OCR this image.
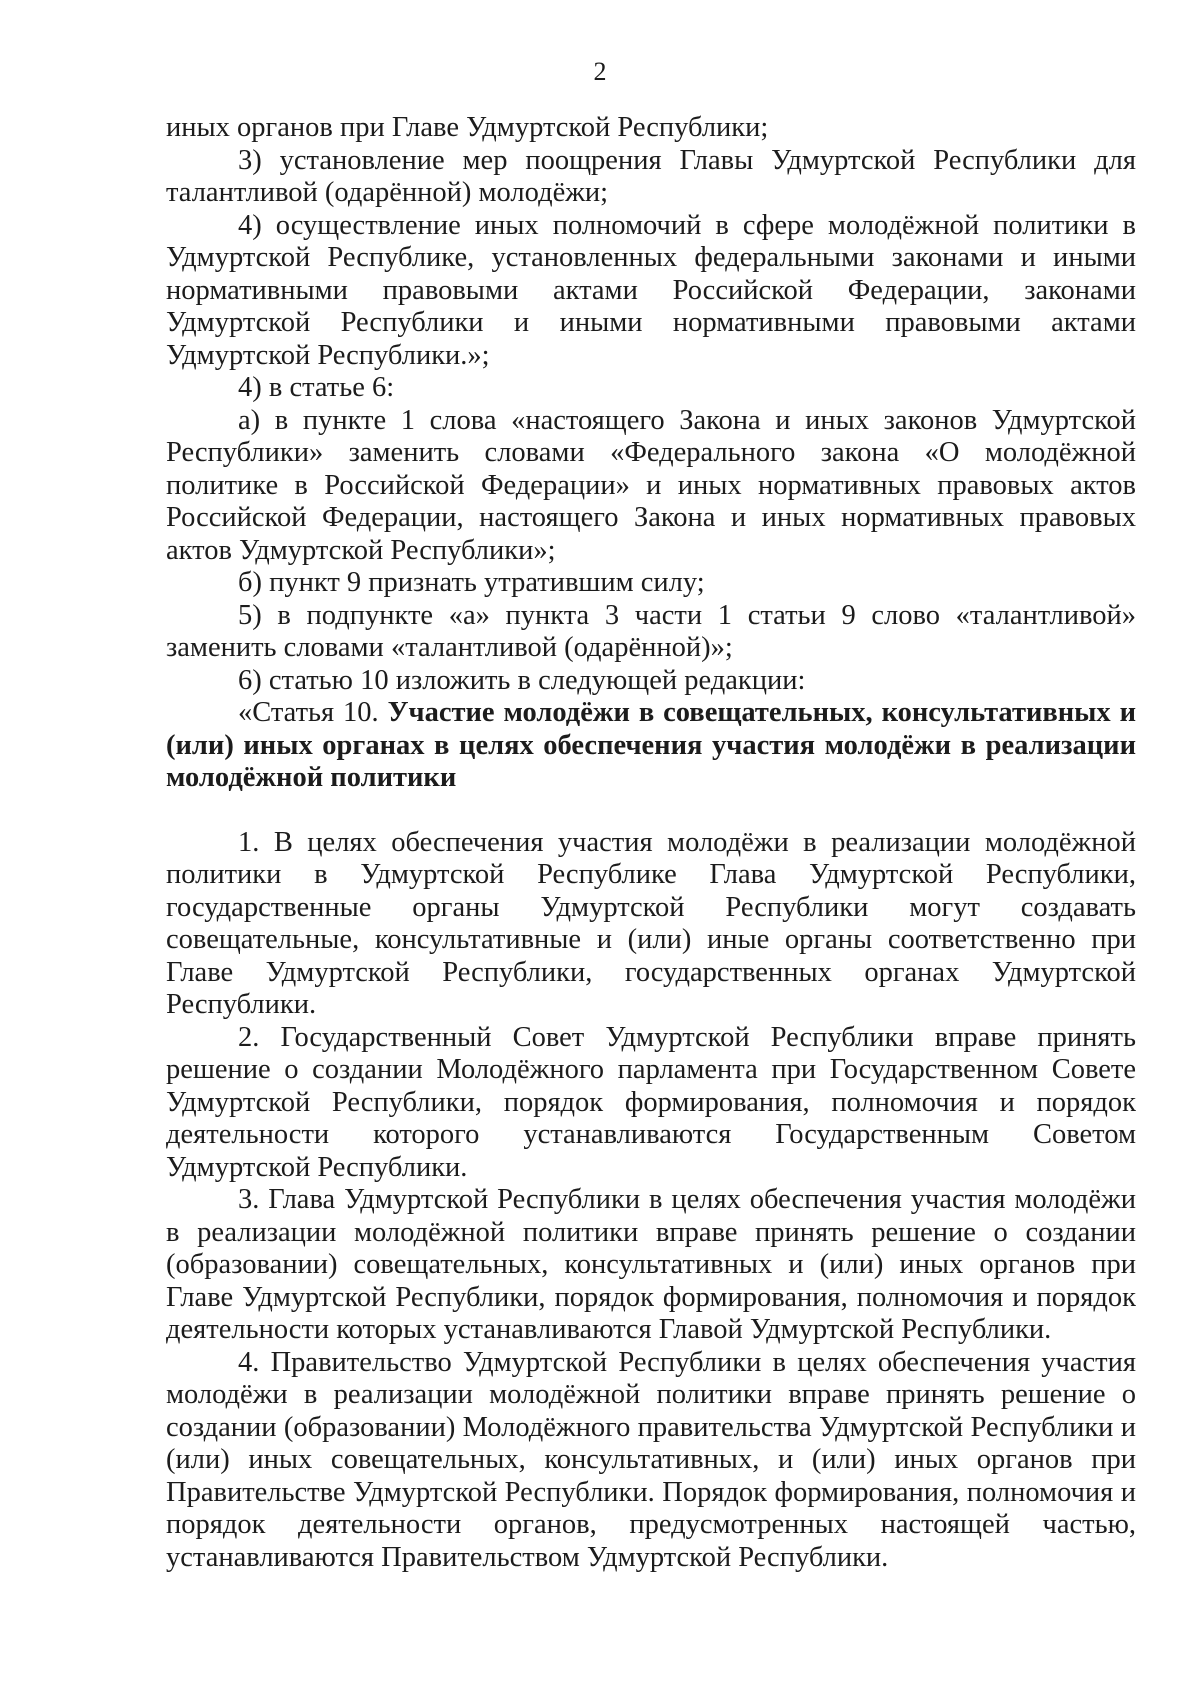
2

иных органов при Главе Удмуртской Республики;

3) установление мер поощрения Главы Удмуртской Республики для талантливой (одарённой) молодёжи;

4) осуществление иных полномочий в сфере молодёжной политики в Удмуртской Республике, установленных федеральными законами и иными нормативными правовыми актами Российской Федерации, законами Удмуртской Республики и иными нормативными правовыми актами Удмуртской Республики.»;

4) в статье 6:

а) в пункте 1 слова «настоящего Закона и иных законов Удмуртской Республики» заменить словами «Федерального закона «О молодёжной политике в Российской Федерации» и иных нормативных правовых актов Российской Федерации, настоящего Закона и иных нормативных правовых актов Удмуртской Республики»;

б) пункт 9 признать утратившим силу;

5) в подпункте «а» пункта 3 части 1 статьи 9 слово «талантливой» заменить словами «талантливой (одарённой)»;

6) статью 10 изложить в следующей редакции:

«Статья 10. Участие молодёжи в совещательных, консультативных и (или) иных органах в целях обеспечения участия молодёжи в реализации молодёжной политики

1. В целях обеспечения участия молодёжи в реализации молодёжной политики в Удмуртской Республике Глава Удмуртской Республики, государственные органы Удмуртской Республики могут создавать совещательные, консультативные и (или) иные органы соответственно при Главе Удмуртской Республики, государственных органах Удмуртской Республики.

2. Государственный Совет Удмуртской Республики вправе принять решение о создании Молодёжного парламента при Государственном Совете Удмуртской Республики, порядок формирования, полномочия и порядок деятельности которого устанавливаются Государственным Советом Удмуртской Республики.

3. Глава Удмуртской Республики в целях обеспечения участия молодёжи в реализации молодёжной политики вправе принять решение о создании (образовании) совещательных, консультативных и (или) иных органов при Главе Удмуртской Республики, порядок формирования, полномочия и порядок деятельности которых устанавливаются Главой Удмуртской Республики.

4. Правительство Удмуртской Республики в целях обеспечения участия молодёжи в реализации молодёжной политики вправе принять решение о создании (образовании) Молодёжного правительства Удмуртской Республики и (или) иных совещательных, консультативных, и (или) иных органов при Правительстве Удмуртской Республики. Порядок формирования, полномочия и порядок деятельности органов, предусмотренных настоящей частью, устанавливаются Правительством Удмуртской Республики.
